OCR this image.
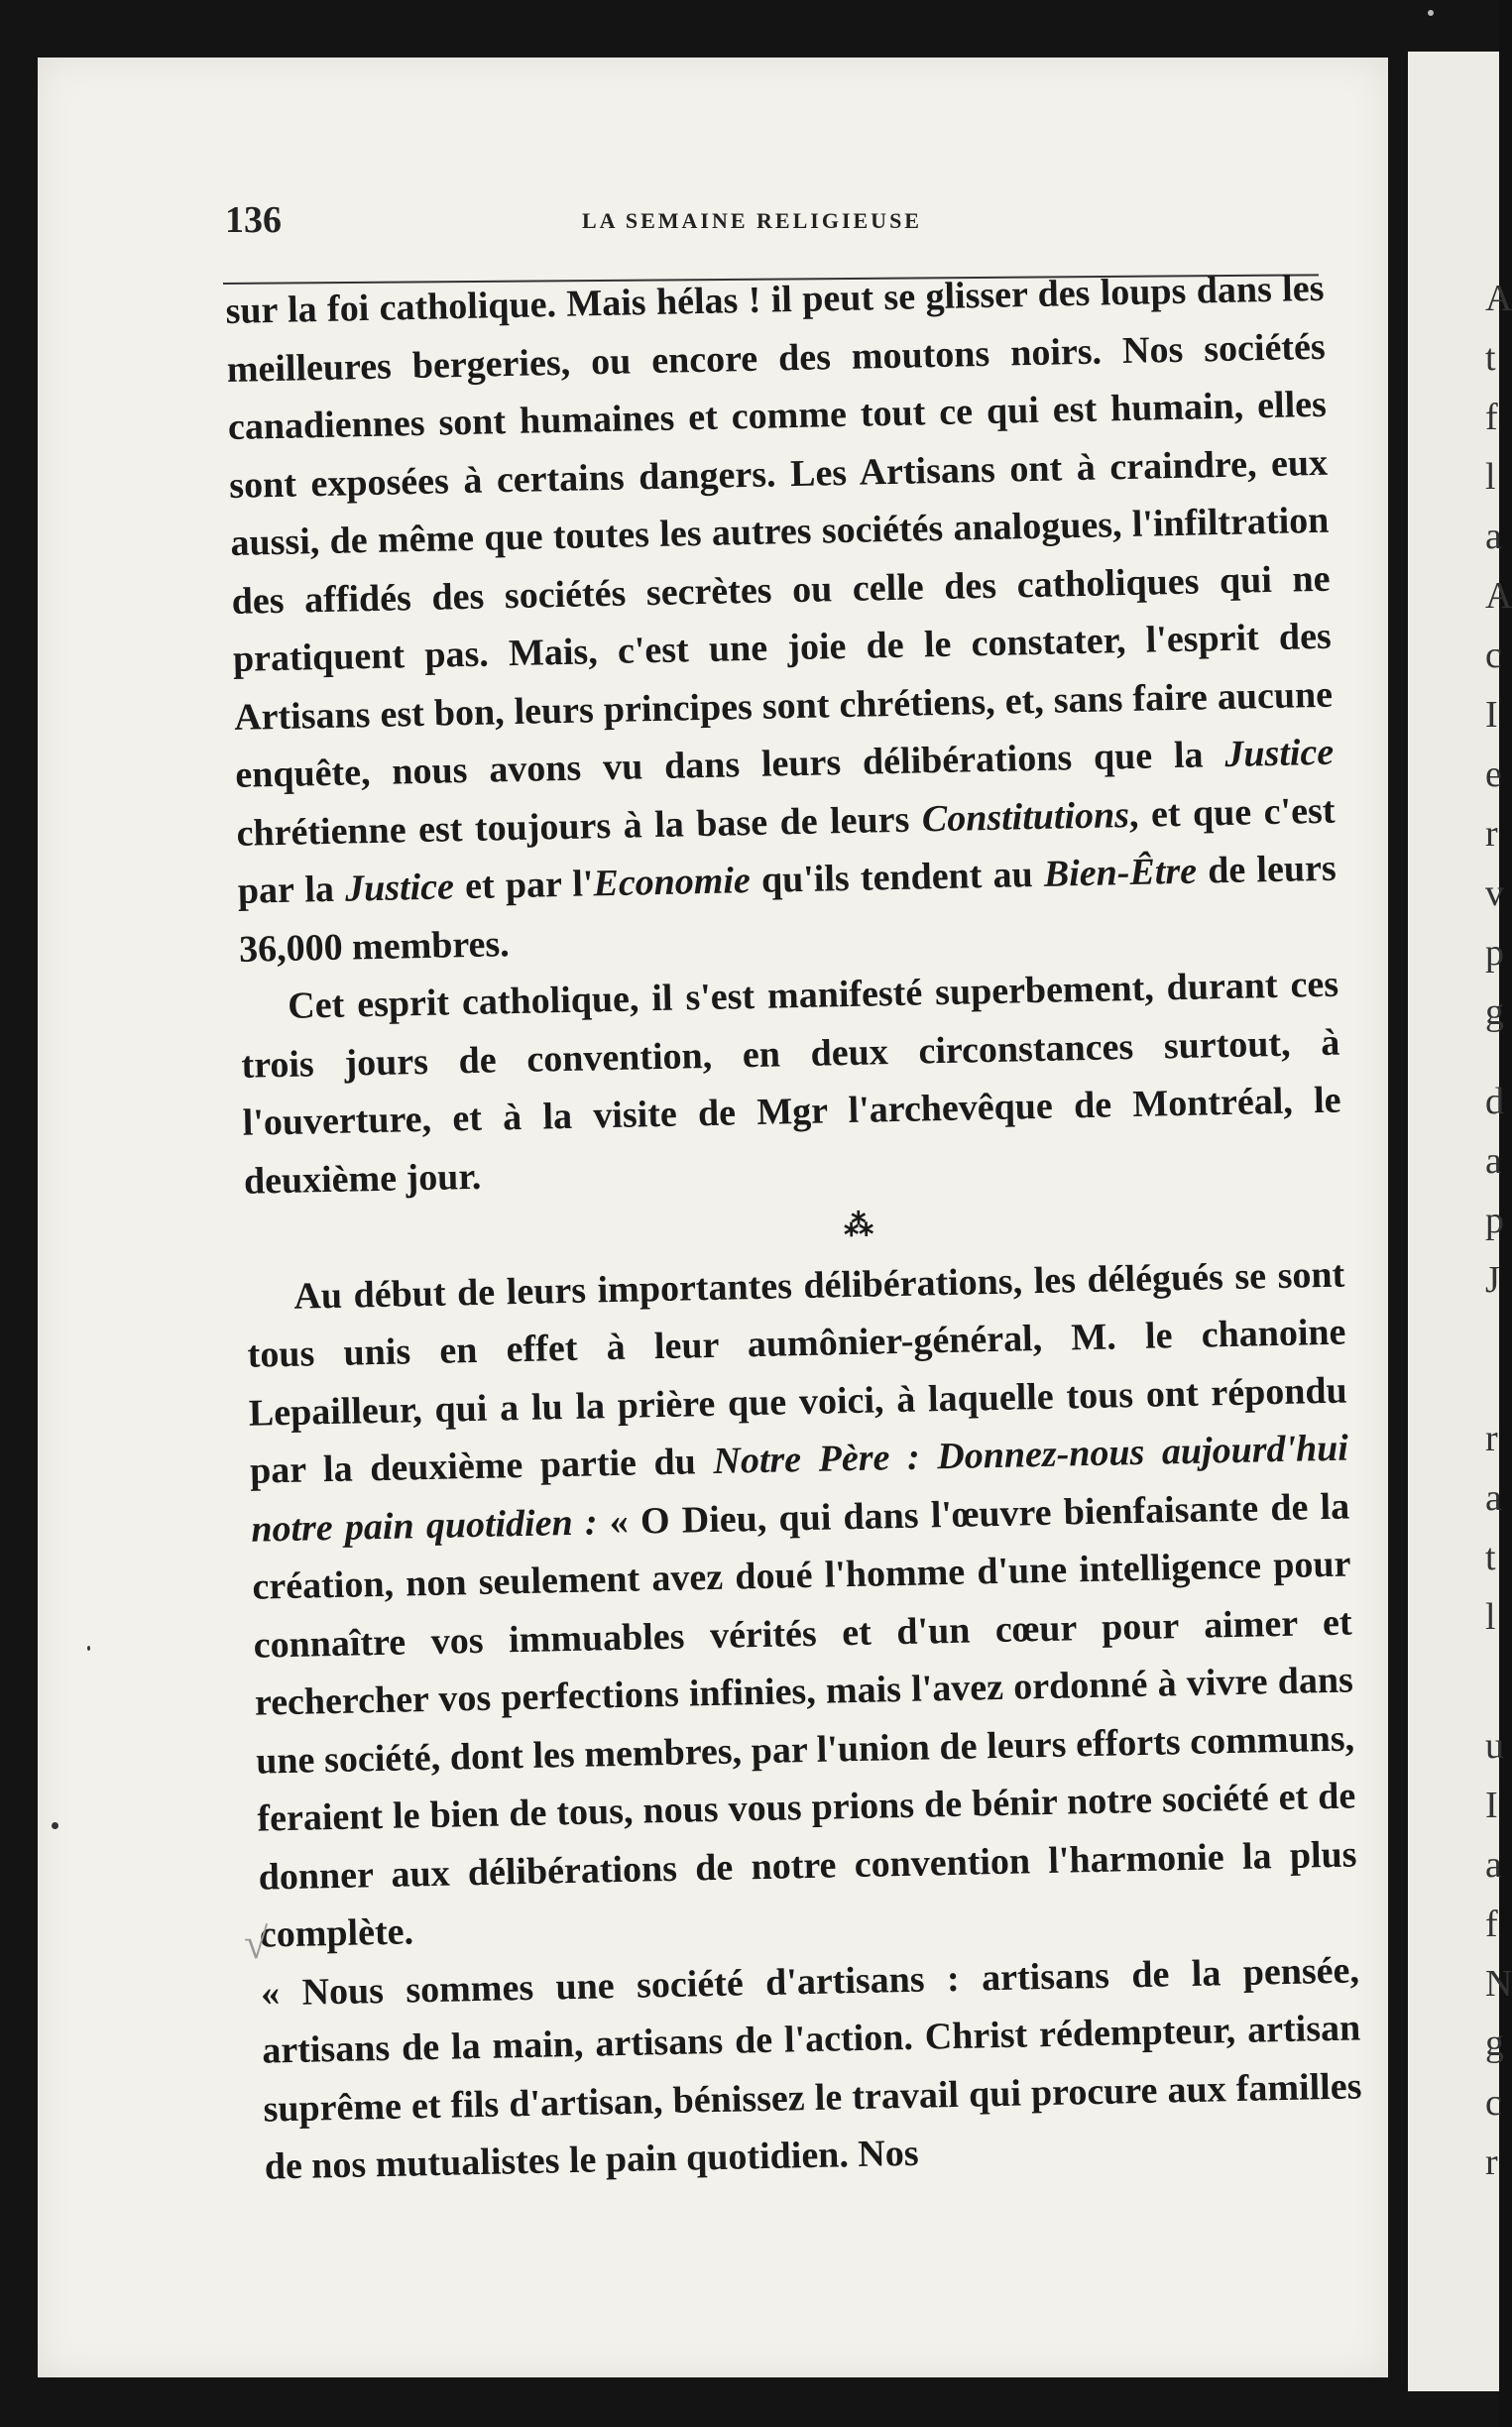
A
t
f
l
a
A
c
I
e
r
v
p
g
d
a
p
J
r
a
t
l
u
I
a
f
N
g
c
r
136	LA SEMAINE RELIGIEUSE

sur la foi catholique. Mais hélas ! il peut se glisser des loups dans les meilleures bergeries, ou encore des moutons noirs. Nos sociétés canadiennes sont humaines et comme tout ce qui est humain, elles sont exposées à certains dangers. Les Artisans ont à craindre, eux aussi, de même que toutes les autres sociétés analogues, l'infiltration des affidés des sociétés secrètes ou celle des catholiques qui ne pratiquent pas. Mais, c'est une joie de le constater, l'esprit des Artisans est bon, leurs principes sont chrétiens, et, sans faire aucune enquête, nous avons vu dans leurs délibérations que la Justice chrétienne est toujours à la base de leurs Constitutions, et que c'est par la Justice et par l'Economie qu'ils tendent au Bien-Être de leurs 36,000 membres.

Cet esprit catholique, il s'est manifesté superbement, durant ces trois jours de convention, en deux circonstances surtout, à l'ouverture, et à la visite de Mgr l'archevêque de Montréal, le deuxième jour.

⁂

Au début de leurs importantes délibérations, les délégués se sont tous unis en effet à leur aumônier-général, M. le chanoine Lepailleur, qui a lu la prière que voici, à laquelle tous ont répondu par la deuxième partie du Notre Père : Donnez-nous aujourd'hui notre pain quotidien : « O Dieu, qui dans l'œuvre bienfaisante de la création, non seulement avez doué l'homme d'une intelligence pour connaître vos immuables vérités et d'un cœur pour aimer et rechercher vos perfections infinies, mais l'avez ordonné à vivre dans une société, dont les membres, par l'union de leurs efforts communs, feraient le bien de tous, nous vous prions de bénir notre société et de donner aux délibérations de notre convention l'harmonie la plus complète.

« Nous sommes une société d'artisans : artisans de la pensée, artisans de la main, artisans de l'action. Christ rédempteur, artisan suprême et fils d'artisan, bénissez le travail qui procure aux familles de nos mutualistes le pain quotidien. Nos

√
